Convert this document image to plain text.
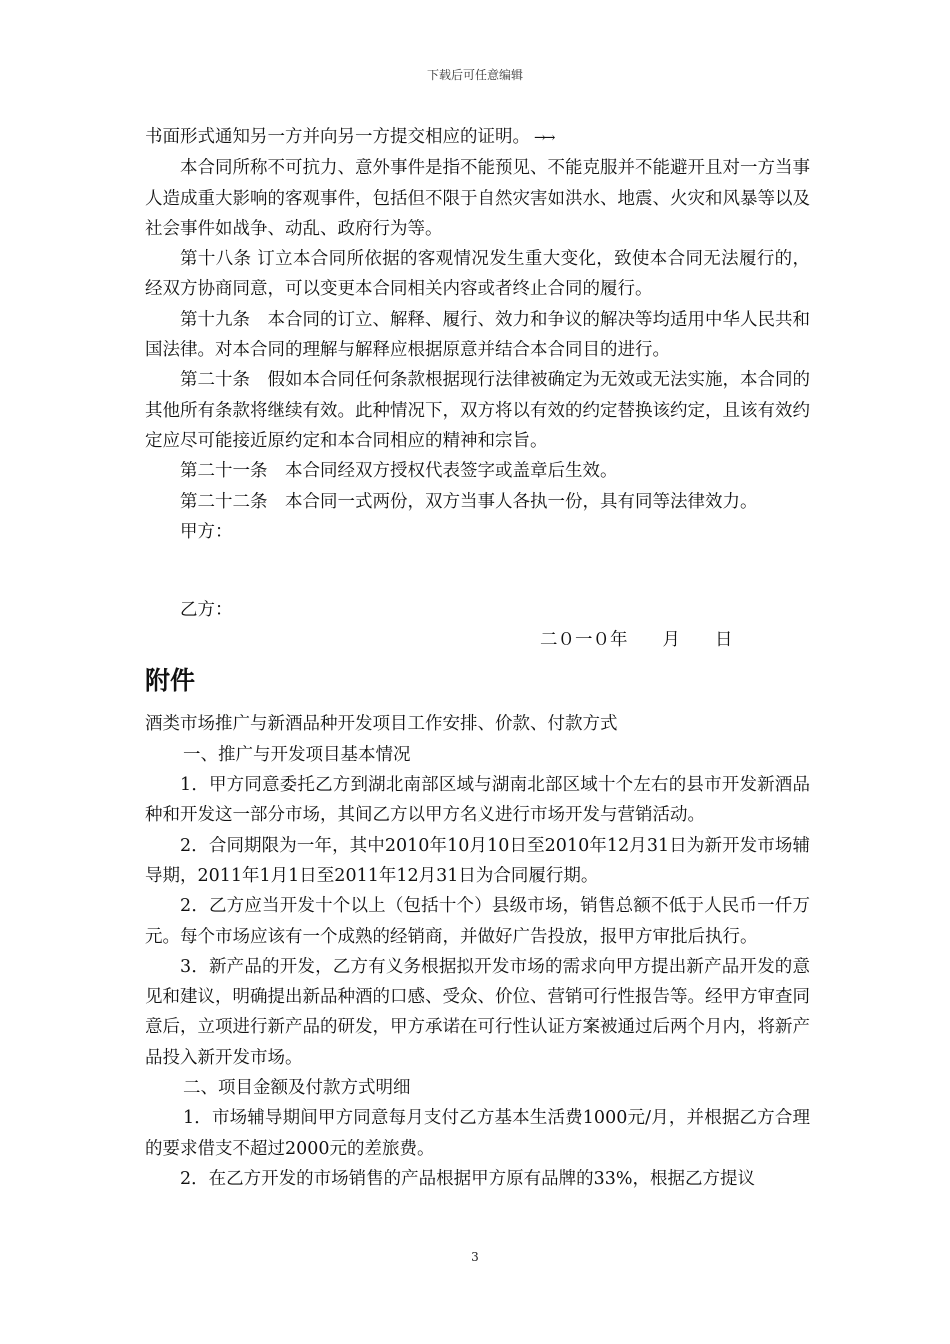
下载后可任意编辑

书面形式通知另一方并向另一方提交相应的证明。 →→

本合同所称不可抗力、意外事件是指不能预见、不能克服并不能避开且对一方当事人造成重大影响的客观事件，包括但不限于自然灾害如洪水、地震、火灾和风暴等以及社会事件如战争、动乱、政府行为等。

第十八条 订立本合同所依据的客观情况发生重大变化，致使本合同无法履行的，经双方协商同意，可以变更本合同相关内容或者终止合同的履行。

第十九条　本合同的订立、解释、履行、效力和争议的解决等均适用中华人民共和国法律。对本合同的理解与解释应根据原意并结合本合同目的进行。

第二十条　假如本合同任何条款根据现行法律被确定为无效或无法实施，本合同的其他所有条款将继续有效。此种情况下，双方将以有效的约定替换该约定，且该有效约定应尽可能接近原约定和本合同相应的精神和宗旨。

第二十一条　本合同经双方授权代表签字或盖章后生效。

第二十二条　本合同一式两份，双方当事人各执一份，具有同等法律效力。

甲方：

乙方：

二０一０年　　月　　日

附件

酒类市场推广与新酒品种开发项目工作安排、价款、付款方式

一、推广与开发项目基本情况

1．甲方同意委托乙方到湖北南部区域与湖南北部区域十个左右的县市开发新酒品种和开发这一部分市场，其间乙方以甲方名义进行市场开发与营销活动。

2．合同期限为一年，其中2010年10月10日至2010年12月31日为新开发市场辅导期，2011年1月1日至2011年12月31日为合同履行期。

2．乙方应当开发十个以上（包括十个）县级市场，销售总额不低于人民币一仟万元。每个市场应该有一个成熟的经销商，并做好广告投放，报甲方审批后执行。

3．新产品的开发，乙方有义务根据拟开发市场的需求向甲方提出新产品开发的意见和建议，明确提出新品种酒的口感、受众、价位、营销可行性报告等。经甲方审查同意后，立项进行新产品的研发，甲方承诺在可行性认证方案被通过后两个月内，将新产品投入新开发市场。

二、项目金额及付款方式明细

1．市场辅导期间甲方同意每月支付乙方基本生活费1000元/月，并根据乙方合理的要求借支不超过2000元的差旅费。

2．在乙方开发的市场销售的产品根据甲方原有品牌的33%，根据乙方提议

3
